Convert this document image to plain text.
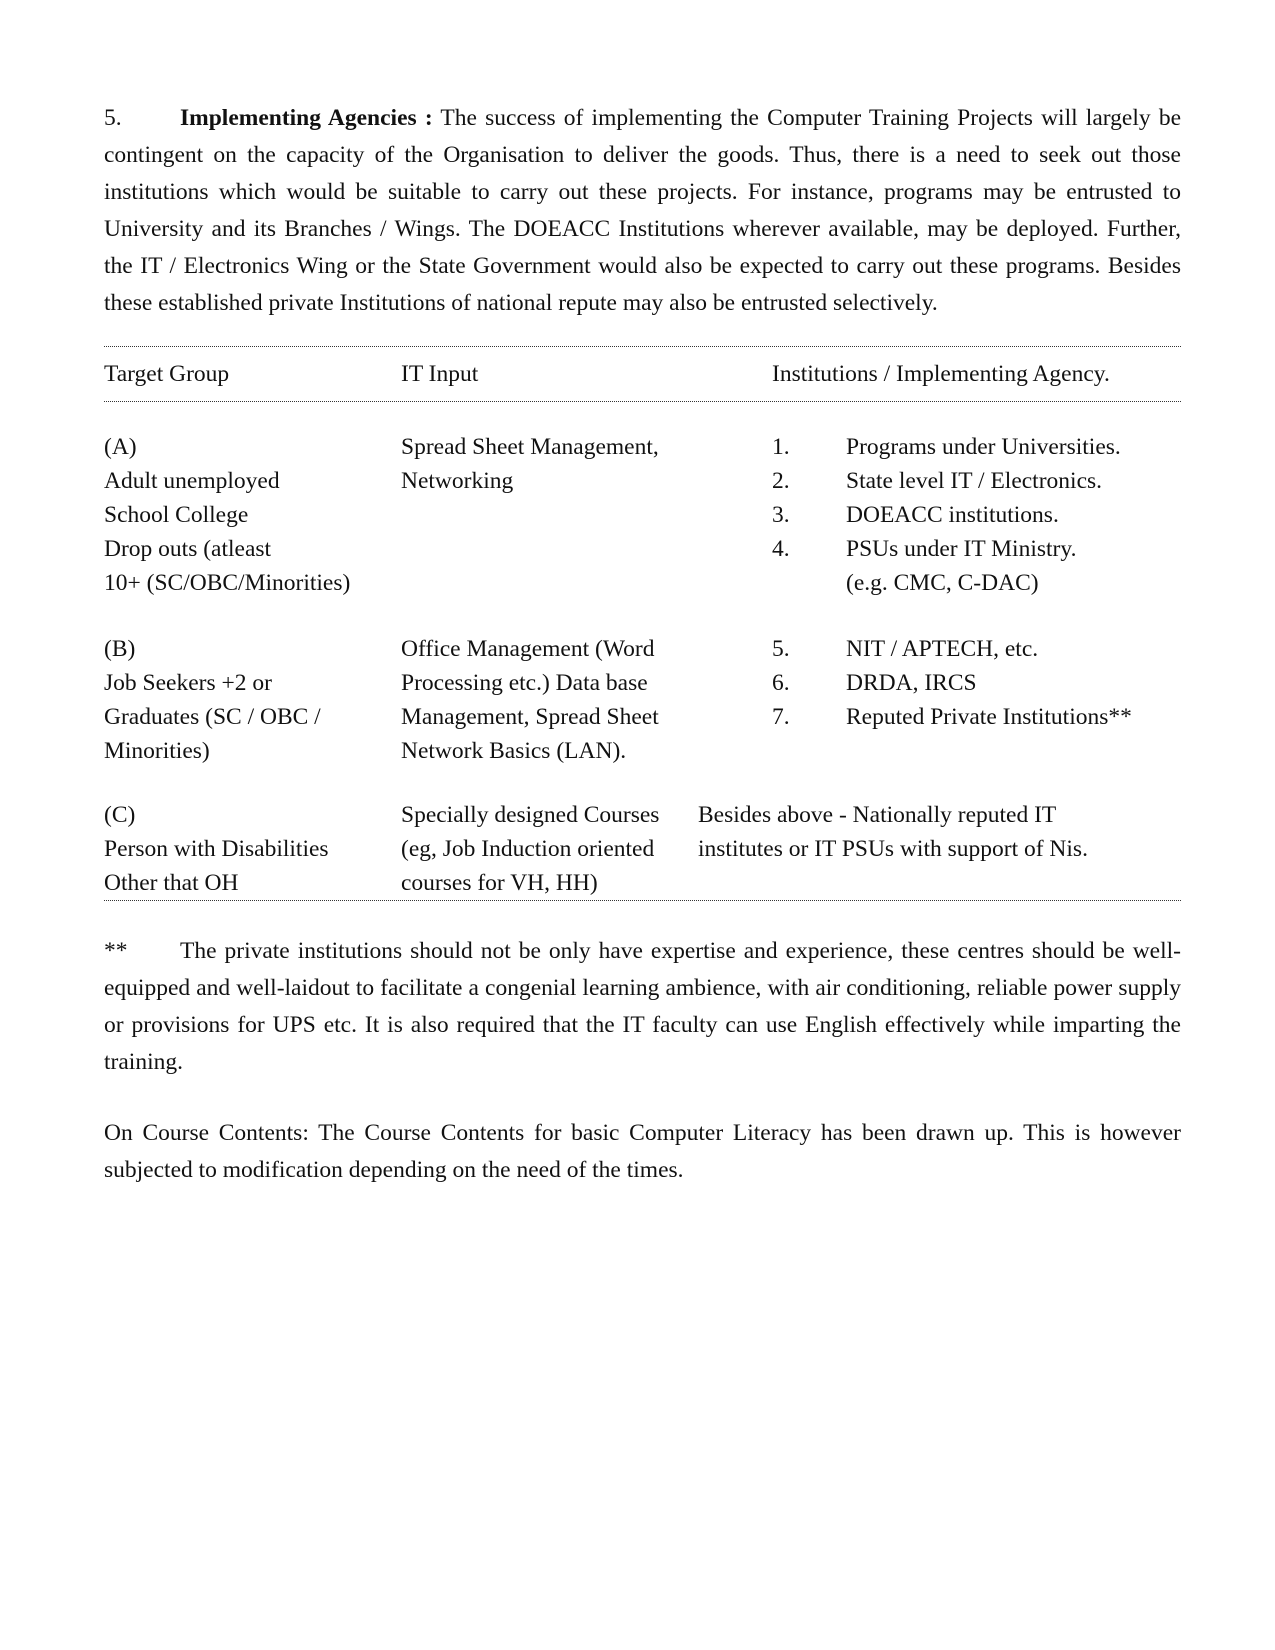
5. Implementing Agencies : The success of implementing the Computer Training Projects will largely be contingent on the capacity of the Organisation to deliver the goods. Thus, there is a need to seek out those institutions which would be suitable to carry out these projects. For instance, programs may be entrusted to University and its Branches / Wings. The DOEACC Institutions wherever available, may be deployed. Further, the IT / Electronics Wing or the State Government would also be expected to carry out these programs. Besides these established private Institutions of national repute may also be entrusted selectively.

Target Group	IT Input	Institutions / Implementing Agency.
(A)
Adult unemployed
School College
Drop outs (atleast
10+ (SC/OBC/Minorities)
Spread Sheet Management,
Networking
1. Programs under Universities.
2. State level IT / Electronics.
3. DOEACC institutions.
4. PSUs under IT Ministry.
(e.g. CMC, C-DAC)
(B)
Job Seekers +2 or
Graduates (SC / OBC /
Minorities)
Office Management (Word
Processing etc.) Data base
Management, Spread Sheet
Network Basics (LAN).
5. NIT / APTECH, etc.
6. DRDA, IRCS
7. Reputed Private Institutions**
(C)
Person with Disabilities
Other that OH
Specially designed Courses
(eg, Job Induction oriented
courses for VH, HH)
Besides above - Nationally reputed IT
institutes or IT PSUs with support of Nis.

** The private institutions should not be only have expertise and experience, these centres should be well-equipped and well-laidout to facilitate a congenial learning ambience, with air conditioning, reliable power supply or provisions for UPS etc. It is also required that the IT faculty can use English effectively while imparting the training.

On Course Contents: The Course Contents for basic Computer Literacy has been drawn up. This is however subjected to modification depending on the need of the times.
